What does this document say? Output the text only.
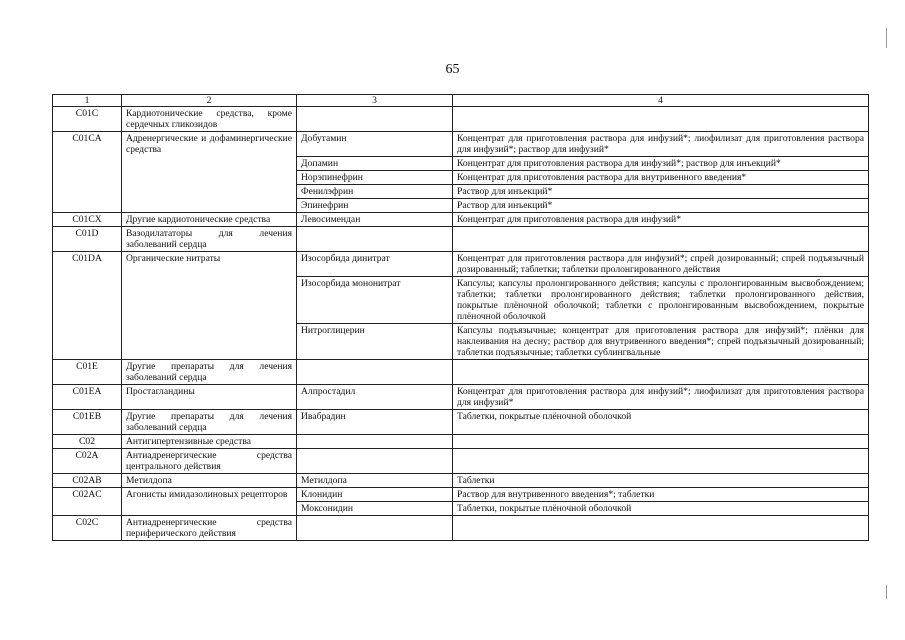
65
1	2	3	4
C01C	Кардиотонические средства, кроме сердечных гликозидов		
C01CA	Адренергические и дофаминергические средства	Добутамин	Концентрат для приготовления раствора для инфузий*; лиофилизат для приготовления раствора для инфузий*; раствор для инфузий*
		Допамин	Концентрат для приготовления раствора для инфузий*; раствор для инъекций*
		Норэпинефрин	Концентрат для приготовления раствора для внутривенного введения*
		Фенилэфрин	Раствор для инъекций*
		Эпинефрин	Раствор для инъекций*
C01CX	Другие кардиотонические средства	Левосимендан	Концентрат для приготовления раствора для инфузий*
C01D	Вазодилататоры для лечения заболеваний сердца		
C01DA	Органические нитраты	Изосорбида динитрат	Концентрат для приготовления раствора для инфузий*; спрей дозированный; спрей подъязычный дозированный; таблетки; таблетки пролонгированного действия
		Изосорбида мононитрат	Капсулы; капсулы пролонгированного действия; капсулы с пролонгированным высвобождением; таблетки; таблетки пролонгированного действия; таблетки пролонгированного действия, покрытые плёночной оболочкой; таблетки с пролонгированным высвобождением, покрытые плёночной оболочкой
		Нитроглицерин	Капсулы подъязычные; концентрат для приготовления раствора для инфузий*; плёнки для наклеивания на десну; раствор для внутривенного введения*; спрей подъязычный дозированный; таблетки подъязычные; таблетки сублингвальные
C01E	Другие препараты для лечения заболеваний сердца		
C01EA	Простагландины	Алпростадил	Концентрат для приготовления раствора для инфузий*; лиофилизат для приготовления раствора для инфузий*
C01EB	Другие препараты для лечения заболеваний сердца	Ивабрадин	Таблетки, покрытые плёночной оболочкой
C02	Антигипертензивные средства		
C02A	Антиадренергические средства центрального действия		
C02AB	Метилдопа	Метилдопа	Таблетки
C02AC	Агонисты имидазолиновых рецепторов	Клонидин	Раствор для внутривенного введения*; таблетки
		Моксонидин	Таблетки, покрытые плёночной оболочкой
C02C	Антиадренергические средства периферического действия		
